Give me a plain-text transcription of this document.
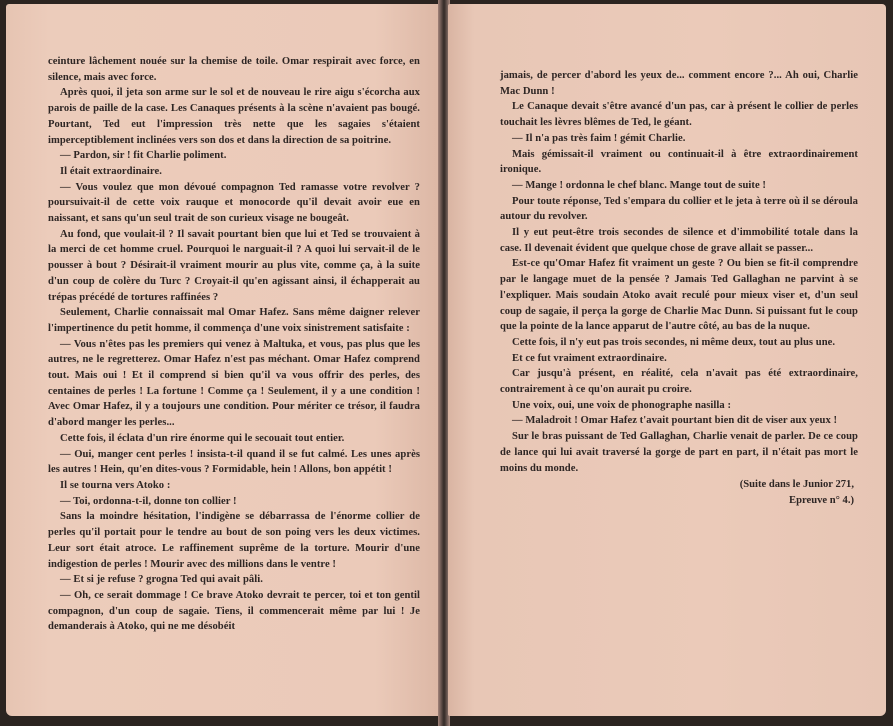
ceinture lâchement nouée sur la chemise de toile. Omar respirait avec force, en silence, mais avec force.

Après quoi, il jeta son arme sur le sol et de nouveau le rire aigu s'écorcha aux parois de paille de la case. Les Canaques présents à la scène n'avaient pas bougé. Pourtant, Ted eut l'impression très nette que les sagaies s'étaient imperceptiblement inclinées vers son dos et dans la direction de sa poitrine.

— Pardon, sir ! fit Charlie poliment.

Il était extraordinaire.

— Vous voulez que mon dévoué compagnon Ted ramasse votre revolver ? poursuivait-il de cette voix rauque et monocorde qu'il devait avoir eue en naissant, et sans qu'un seul trait de son curieux visage ne bougeât.

Au fond, que voulait-il ? Il savait pourtant bien que lui et Ted se trouvaient à la merci de cet homme cruel. Pourquoi le narguait-il ? A quoi lui servait-il de le pousser à bout ? Désirait-il vraiment mourir au plus vite, comme ça, à la suite d'un coup de colère du Turc ? Croyait-il qu'en agissant ainsi, il échapperait au trépas précédé de tortures raffinées ?

Seulement, Charlie connaissait mal Omar Hafez. Sans même daigner relever l'impertinence du petit homme, il commença d'une voix sinistrement satisfaite :

— Vous n'êtes pas les premiers qui venez à Maltuka, et vous, pas plus que les autres, ne le regretterez. Omar Hafez n'est pas méchant. Omar Hafez comprend tout. Mais oui ! Et il comprend si bien qu'il va vous offrir des perles, des centaines de perles ! La fortune ! Comme ça ! Seulement, il y a une condition ! Avec Omar Hafez, il y a toujours une condition. Pour mériter ce trésor, il faudra d'abord manger les perles...

Cette fois, il éclata d'un rire énorme qui le secouait tout entier.

— Oui, manger cent perles ! insista-t-il quand il se fut calmé. Les unes après les autres ! Hein, qu'en dites-vous ? Formidable, hein ! Allons, bon appétit !

Il se tourna vers Atoko :

— Toi, ordonna-t-il, donne ton collier !

Sans la moindre hésitation, l'indigène se débarrassa de l'énorme collier de perles qu'il portait pour le tendre au bout de son poing vers les deux victimes. Leur sort était atroce. Le raffinement suprême de la torture. Mourir d'une indigestion de perles ! Mourir avec des millions dans le ventre !

— Et si je refuse ? grogna Ted qui avait pâli.

— Oh, ce serait dommage ! Ce brave Atoko devrait te percer, toi et ton gentil compagnon, d'un coup de sagaie. Tiens, il commencerait même par lui ! Je demanderais à Atoko, qui ne me désobéit

jamais, de percer d'abord les yeux de... comment encore ?... Ah oui, Charlie Mac Dunn !

Le Canaque devait s'être avancé d'un pas, car à présent le collier de perles touchait les lèvres blêmes de Ted, le géant.

— Il n'a pas très faim ! gémit Charlie.

Mais gémissait-il vraiment ou continuait-il à être extraordinairement ironique.

— Mange ! ordonna le chef blanc. Mange tout de suite !

Pour toute réponse, Ted s'empara du collier et le jeta à terre où il se déroula autour du revolver.

Il y eut peut-être trois secondes de silence et d'immobilité totale dans la case. Il devenait évident que quelque chose de grave allait se passer...

Est-ce qu'Omar Hafez fit vraiment un geste ? Ou bien se fit-il comprendre par le langage muet de la pensée ? Jamais Ted Gallaghan ne parvint à se l'expliquer. Mais soudain Atoko avait reculé pour mieux viser et, d'un seul coup de sagaie, il perça la gorge de Charlie Mac Dunn. Si puissant fut le coup que la pointe de la lance apparut de l'autre côté, au bas de la nuque.

Cette fois, il n'y eut pas trois secondes, ni même deux, tout au plus une.

Et ce fut vraiment extraordinaire.

Car jusqu'à présent, en réalité, cela n'avait pas été extraordinaire, contrairement à ce qu'on aurait pu croire.

Une voix, oui, une voix de phonographe nasilla :

— Maladroit ! Omar Hafez t'avait pourtant bien dit de viser aux yeux !

Sur le bras puissant de Ted Gallaghan, Charlie venait de parler. De ce coup de lance qui lui avait traversé la gorge de part en part, il n'était pas mort le moins du monde.

(Suite dans le Junior 271,
Epreuve n° 4.)
